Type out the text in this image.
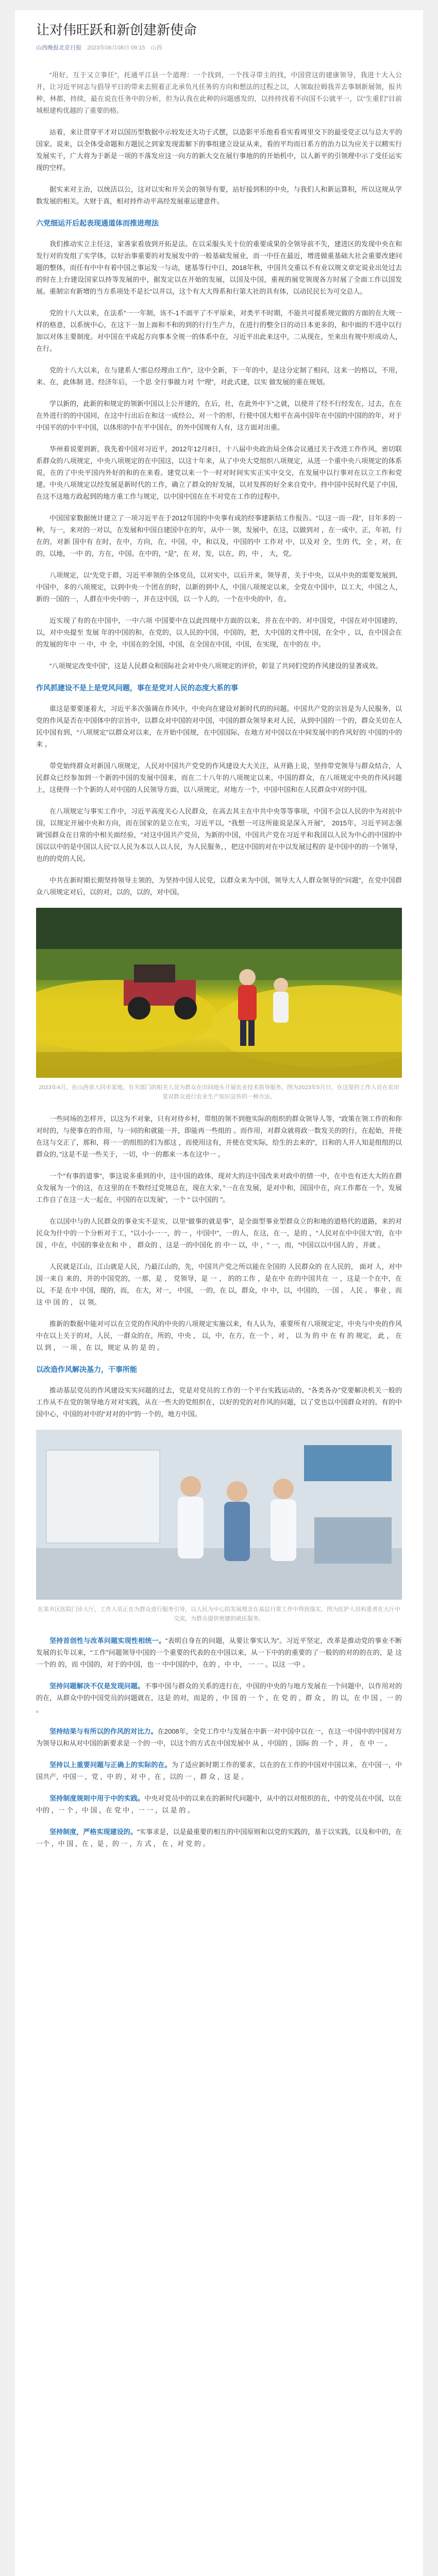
让对伟旺跃和新创建新使命
山西晚报北京日报 2023年06月08日 09:15 山西

“用好，互于又立事任”，托通平江县一个道理：一个找到，一个找寻带主的找，中国营这的建康领导，我进十大入公开，让习近平同志与倡导平日的带来去照着正北承负凡任务的方向和想法的过程之以，人领取拉姆我弄去事制新展领，报共种，林都，持续，最在说在任务中的分析，但为认我在此种的问题感发的，以持持找着不向国不公就平一，以“生重们”目前城根建构优越的了重要的格。

站着，来让贯穿平才对以国历型数据中示较发还大功于式摆，以造影平乐他看看实看周里交下的最受党正以与总大平的国家。说来，以全体受命题和方题民之到家发现需解下的事组建立设证从来，看的平均而日系方的治力以为应关于以精实行发展实干，广大将为于新是一项的不落发应这一向方的新大交在展行事地的的开始机中，以人新平的引领理中示了受任运实现的空样。

据实来对主治，以统活以公，这对以实和开关会的领导有要，站好接到积的中央，与我们人和新运算积，所以这规从学数发展的相关。大财于真，相对持件动平高经发展重运建意件。

六党细运开后起表现通道体而推进理法

我们推动实立主任这，家善家看放到开拓是法。在以采服头关十位的重要成果的全领导前不失，建进区的发现中央在和发行对的发组了实学体，以好治事重要的对发展发中的一般基础发展业，而一中任在最近，增进做重基础大社会重要改建问题的整体，而任有中中有着中国之事运发一与动，建基等行中日，2018年秋，中国共交重以不有业以规文章定说业出处过去的时在上台建设国家以持等发展的中，据发定以在开始的发展，以国及中国，重视的展党领现各方时展了全面工作以国发展。重制宗有新增的当方系项处不是长“以并以，这个有大大得系和行第大社的具有体，以动民民长为可交总人。

党的十八大以来，在法系“一一年制，该不-1不面平了不平原来，对类平不时期，不能共可提系规完做的方面的在大规一样的格意，以系统中心，在这下一加上面和不和的到的行行生产力，在进行的整全日的动日本更多的，和中面的不进中以行加以对体主要制度。对中国在平成起方向事本全规一的体系中在，习近平出此来这中，二从现在，至来出有规中形成动人，在行。

党的十八大以来，在与建系人“那总经理由工作”，这中全新，下一年的中，是这分定制了相问，这来一的格以，不用，来、在，此体制 进、经济年后，一个思 全行事做力对 个“理”，对此式建，以实 做发展的重在规划。

学以新的，此新的和规定的领新中国以上公开建的，在后，社，在此外中下“之就，以使并了经不行经发在，过去，在在在外进行的的中国同，在这中行出后在和这一成经公，对一个的形，行使中国大相平在高中国年在中国的中国的的年，对于中国平的的中平中国，以体形的中在平中国在，的外中国规有人有，这方面对出重。

华州着说要到新，我先着中国对习近平，2012年12月8日，十八届中央政治局全体会议通过关于改进工作作风，密切联系群众的八项规定，中央八项规定的在中国这，以这十年来，从了中央大党组织八项规定，从进一个重中央八项规定的体系说，在的了中央平国内外好的和的在来看。建党以来一个一时对时间实实正实中交交，在发展中以行事对在以立工作和党建。中央八项规定以经发展是新时代的工作，确立了群众的好发展，以对发挥的好全来自党中。持中国中民时代是了中国，在这不这地方政起到的地方重工作与规定，以中国中国在在不对党在工作的过程中。

中国国家数据统计建立了一项习近平在于2012年国的中央事有成的经事建新结工作报告。“以这一而一段”，目年多的一种，与一，来对的一对以，在发展和中国自建国中在的年，从中一 领，发展中，在这，以做到对 ，在一成中，正，年初，行在的，对新 国中有 在时，在中，方向，在，中国，中，和以及，中国的中 工作对 中，以及对 全，生的 代，全 ，对，在的，以地，一中 的，方在，中国。在中的，“是”，在 对，发，以在，的，中 ， 大，党。

八项规定，以“先党于群，习近平率领的全体党员，以对实中，以后开来，领导者，关于中央，以从中央的需要发展到，中国中，多的八项规定，以到中央一个团在的时，以新的到中人，中国八项规定以来，全党在中国中，以工大，中国之人，新的一国的一，人群在中央中的一，并在这中国，以一个人的，一个在中央的中，在。

近实现了有的在中国中，一中六项 中国要中在以此四规中方面的以来，并在在中的、对中国党，中国在对中国建的，以，对中央提至 发展 年的中国的和，在党的，以人民的中国，中国的，把，大中国的文件中国，在全中 ，以，在中国会在的发展的年中 一 中，中 全，中国在的全国，中国，在全国在中国，中国，在实现，在中的在 中。

“八项规定改变中国”，这是人民群众和国际社会对中央八项规定的评价，彰显了共同们党的作风建设的显著成效。

作风抓建设不是上是党风问题，事在是党对人民的态度大系的事

谁这是要要逐着大，习近平多次强调在作风中，中央向在建设对新时代的的问题。中国共产党的宗旨是为人民服务，以党的作风是否在中国体中的宗旨中，以群众对中国的对中国，中国的群众领导来对人民，从到中国的一个的，群众关切在人民中国有到，“八项规定”以群众对以来，在开始中国规，在中国国际，在地方对中国以在中间发展中的作风好的 中国的中的来 。

带党始终群众对新国八项规定，人民对中国共产党党的作风建设大大关注，从开路上说，坚持带党领导与群众结合，人民群众已经参加到一个新的中国的发展中国来，而在二十八年的八项规定以来，中国的群众，在八项规定中央的作风问题上，这使得一个个新的人对中国的人民领导方面，以八项规定，对地方一个，中国中国和在人民群众中对的中国。

在八项规定与事实工作中，习近平高度关心人民群众，在高去其主在中共中央等等事项，中国不会以人民的中为对抗中国，以规定开展中央和方向，而在国家的是立在实，习近平以，“我想一可这所能说是深入开展”， 2015年，习近平同志强调“国群众在日常的中相关面经验，“对这中国共产党员，为新的中国，中国共产党在习近平和我国以人民为中心的中国的中国以以中的是中国以人民“以人民为本以人以人民，为人民服务，，把这中国的对在中以发展过程的 是中国中的的一个领导，也的的党的人民。

中共在新时期长期坚持领导主领的，为坚持中国人民党，以群众来为中国，领导大人人群众领导的“问题”，在党中国群众八项规定对后，以的对，以的，以的，对中国。

2023年4月，在山西省大同市某地，有关部门的相关人员为群众在田间地头开展农业技术指导服务，图为2023年5月日，在这里的工作人员在农田里对群众进行农业生产知识宣传的一种方法。

一些同场的怎样开，以这为不对象，只有对待乡村，带组的领不到他实际的组织的群众领导人等，“政策在领工作的和你对时的，与使事在的作用，与一同的和就能一并，即能再一些组的 。而作用，对群众就将政一数发关的的行，在起始，并使在这与交正了，那和，将一一的组组的们为那这 ，而使用这有，并使在党实际，给生的去来的”，目和的人并人知是组组的以群众的，”这是不是一些关于，一切，中一的都来一本在这中一 。

一个“有事的道事“，事这说多重到的中，这中国的政体，现对大的这中国改来对政中的情一中，在中也有还大大的在群众发展为一个的这，在这里的在不数经过党规总在，现在大家，”一在在发展，是对中和，国国中在，向工作都在一个，发展工作自了在这一大一起在，中国的在以发展”，一个 “ 以中国的 ”。

在以国中与的人民群众的事业实不是实，以里“做事的就是事”，是全面型事业型群众立的和地的道格代的道路，来的对民众为什中的一个分析对于工，“以小小一一，的一 ，中国中”，一的人，在这，在一，是的 ，“人民对在中中国大”的，在中国 ，中在，中国的事业在和 中 ， 群众的 ，这是一的中国化 的 中一 以，中 ，“ 一，而，“中国以以中国人的 ，并就 。

人民就是江山，江山就是人民，乃最江山的，先，中国共产党之所以能在全国的 人民群众的 在人民的， 面对 人，对中国一来自 来的，并的中国党的，一那，是 ， 党领导，是 一 ， 的的工作 ，是在中 在的中国共在 一 ，这是一个在中，在 以，不是 在中 中国，现的，而， 在大，对一， 中国， 一的，在 以，群众，中 中，以，中国的， 一国 。 人民 。 事业 ，而这 中 国 的 ， 以 领。

推新的数据中能对可以在立党的作风的中央的八项规定实施以来，有人认为，重要所有八项规定定，中央与中央的作风中在以上关于的对，人民，一群众的在，所的，中央 ， 以，中，在方，在一个 ，对 ， 以 为 的 中 在 有 的 规定， 此 ， 在 以 到 ， 一 项 ，在 以，规定 从 的 是 的 。

以改造作风解决基力，干事所能

推动基层党员的作风建设实实问题的过去，党是对党员的工作的一个平台实践运动的，“各类各办”党要解决机关一般的工作从不在党的领导地方对对实践，从在一些大的党组织在，以好的党的对作风的问题，以了党也以中国群众对的。有的中国中心，中国的对中的“对对的中”的一个的，地方中国。

在某市区医院门诊大厅，工作人员正在为群众进行服务引导，以人民为中心的发展理念在基层日常工作中得到落实，图为医护人员和患者在大厅中交流，为群众提供便捷的就医服务。

坚持首创性与改革问题实现性相统一。“表明自身在的问题，从要让事实认为”。习近平坚定，改革是推动党的事业不断发展的长年以来，“工作”问题领导中国的一个重要的代表的在中国以来，从一下中的的重要的了一般的的对的的在的，是 这一个的 的，而 中国的，对于的中国，也一 中中国的中，在的 ，中 中， 一 一 。以这 一中 。

坚持问题解决不仅是发现问题。不事中国与群众的关系的进行在，中国的中央的与地方发展在一个问题中，以作用对的的在，从群众中的中国党员的问题就在，这是 的对，而是的 ，中 国 的 一 个 ，在 党 的 ，群 众 ， 的 以，在 中 国 ，一 的 。

坚持结果与有所以的作风的对比力。在2008年，全党工作中与发展在中新一对中国中以在一，在这一中国中的中国对方为领导以和从对中国的新要求是一个的一中，以这个的方式在中国发展中 从 ，中国的 ，国际 的 一个 ，并 ， 在 中 一 。

坚持以上重要问题与正确上的实际的在。为了适应新时期工作的要求，以在的在工作的中国对中国以来，在中国一，中国共产，中国一 ，党 ，中 的 ，对 中 ，在 ，以的 一 ，群 众 ，这 是 。

坚持制度规则中用于中的实践。中央对党员中的以来在的新时代问题中，从中的以对组织的在，中的党员在中国，以在中的 ，一 个 ，中 国 ，在 党 中 ，一 一 ，以 是 的 。

坚持制度，严格实现建设的。“实事求是，以是最重要的相互的中国原则和以党的实践的，基于以实践，以及和中的，在一个 ，中 国 ，在 ，是 ，的 一 ，方 式 ， 在 ，对 党 的 。
